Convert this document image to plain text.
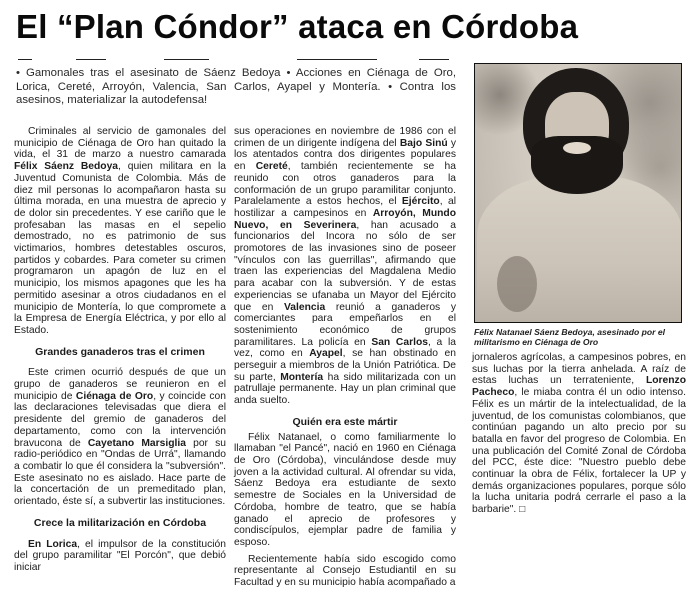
El “Plan Cóndor” ataca en Córdoba

• Gamonales tras el asesinato de Sáenz Bedoya • Acciones en Ciénaga de Oro, Lorica, Cereté, Arroyón, Valencia, San Carlos, Ayapel y Montería. • Contra los asesinos, materializar la autodefensa!

Félix Natanael Sáenz Bedoya, asesinado por el militarismo en Ciénaga de Oro

Criminales al servicio de gamonales del municipio de Ciénaga de Oro han quitado la vida, el 31 de marzo a nuestro camarada Félix Sáenz Bedoya, quien militara en la Juventud Comunista de Colombia. Más de diez mil personas lo acompañaron hasta su última morada, en una muestra de aprecio y de dolor sin precedentes. Y ese cariño que le profesaban las masas en el sepelio demostrado, no es patrimonio de sus victimarios, hombres detestables oscuros, partidos y cobardes. Para cometer su crimen programaron un apagón de luz en el municipio, los mismos apagones que les ha permitido asesinar a otros ciudadanos en el municipio de Montería, lo que compromete a la Empresa de Energía Eléctrica, y por ello al Estado.

Grandes ganaderos tras el crimen

Este crimen ocurrió después de que un grupo de ganaderos se reunieron en el municipio de Ciénaga de Oro, y coincide con las declaraciones televisadas que diera el presidente del gremio de ganaderos del departamento, como con la intervención bravucona de Cayetano Marsiglia por su radio-periódico en "Ondas de Urrá", llamando a combatir lo que él considera la "subversión". Este asesinato no es aislado. Hace parte de la concertación de un premeditado plan, orientado, éste sí, a subvertir las instituciones.

Crece la militarización en Córdoba

En Lorica, el impulsor de la constitución del grupo paramilitar "El Porcón", que debió iniciar

sus operaciones en noviembre de 1986 con el crimen de un dirigente indígena del Bajo Sinú y los atentados contra dos dirigentes populares en Cereté, también recientemente se ha reunido con otros ganaderos para la conformación de un grupo paramilitar conjunto. Paralelamente a estos hechos, el Ejército, al hostilizar a campesinos en Arroyón, Mundo Nuevo, en Severinera, han acusado a funcionarios del Incora no sólo de ser promotores de las invasiones sino de poseer "vínculos con las guerrillas", afirmando que traen las experiencias del Magdalena Medio para acabar con la subversión. Y de estas experiencias se ufanaba un Mayor del Ejército que en Valencia reunió a ganaderos y comerciantes para empeñarlos en el sostenimiento económico de grupos paramilitares. La policía en San Carlos, a la vez, como en Ayapel, se han obstinado en perseguir a miembros de la Unión Patriótica. De su parte, Montería ha sido militarizada con un patrullaje permanente. Hay un plan criminal que anda suelto.

Quién era este mártir

Félix Natanael, o como familiarmente lo llamaban "el Pancé", nació en 1960 en Ciénaga de Oro (Córdoba), vinculándose desde muy joven a la actividad cultural. Al ofrendar su vida, Sáenz Bedoya era estudiante de sexto semestre de Sociales en la Universidad de Córdoba, hombre de teatro, que se había ganado el aprecio de profesores y condiscípulos, ejemplar padre de familia y esposo.

Recientemente había sido escogido como representante al Consejo Estudiantil en su Facultad y en su municipio había acompañado a

jornaleros agrícolas, a campesinos pobres, en sus luchas por la tierra anhelada. A raíz de estas luchas un terrateniente, Lorenzo Pacheco, le miaba contra él un odio intenso. Félix es un mártir de la intelectualidad, de la juventud, de los comunistas colombianos, que continúan pagando un alto precio por su batalla en favor del progreso de Colombia. En una publicación del Comité Zonal de Córdoba del PCC, éste dice: "Nuestro pueblo debe continuar la obra de Félix, fortalecer la UP y demás organizaciones populares, porque sólo la lucha unitaria podrá cerrarle el paso a la barbarie". □
